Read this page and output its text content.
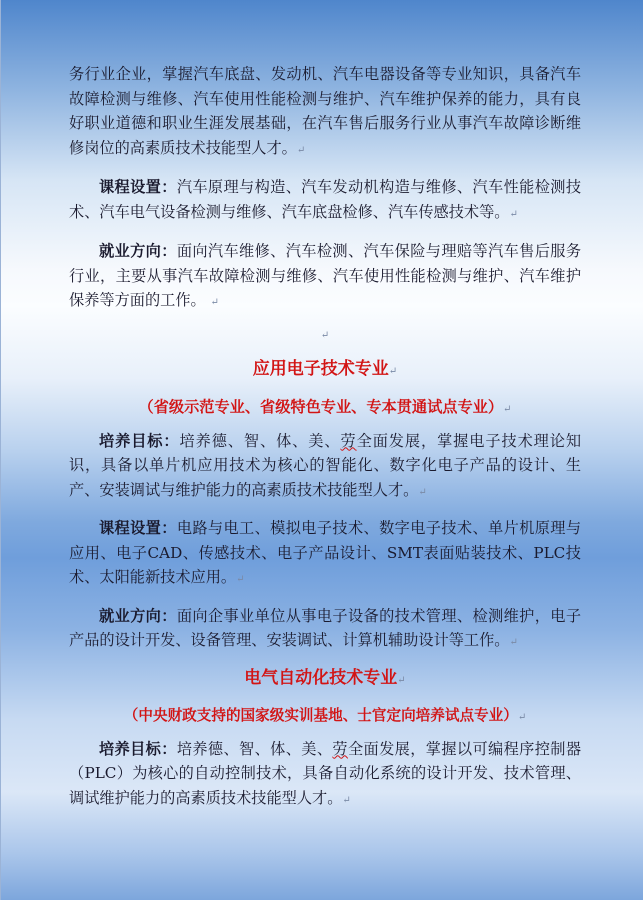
务行业企业，掌握汽车底盘、发动机、汽车电器设备等专业知识，具备汽车故障检测与维修、汽车使用性能检测与维护、汽车维护保养的能力，具有良好职业道德和职业生涯发展基础，在汽车售后服务行业从事汽车故障诊断维修岗位的高素质技术技能型人才。↵

课程设置：汽车原理与构造、汽车发动机构造与维修、汽车性能检测技术、汽车电气设备检测与维修、汽车底盘检修、汽车传感技术等。↵

就业方向：面向汽车维修、汽车检测、汽车保险与理赔等汽车售后服务行业，主要从事汽车故障检测与维修、汽车使用性能检测与维护、汽车维护保养等方面的工作。 ↵

↵

应用电子技术专业↵

（省级示范专业、省级特色专业、专本贯通试点专业）↵

培养目标：培养德、智、体、美、劳全面发展，掌握电子技术理论知识，具备以单片机应用技术为核心的智能化、数字化电子产品的设计、生产、安装调试与维护能力的高素质技术技能型人才。↵

课程设置：电路与电工、模拟电子技术、数字电子技术、单片机原理与应用、电子CAD、传感技术、电子产品设计、SMT表面贴装技术、PLC技术、太阳能新技术应用。↵

就业方向：面向企事业单位从事电子设备的技术管理、检测维护，电子产品的设计开发、设备管理、安装调试、计算机辅助设计等工作。↵

电气自动化技术专业↵

（中央财政支持的国家级实训基地、士官定向培养试点专业）↵

培养目标：培养德、智、体、美、劳全面发展，掌握以可编程序控制器（PLC）为核心的自动控制技术，具备自动化系统的设计开发、技术管理、调试维护能力的高素质技术技能型人才。↵
